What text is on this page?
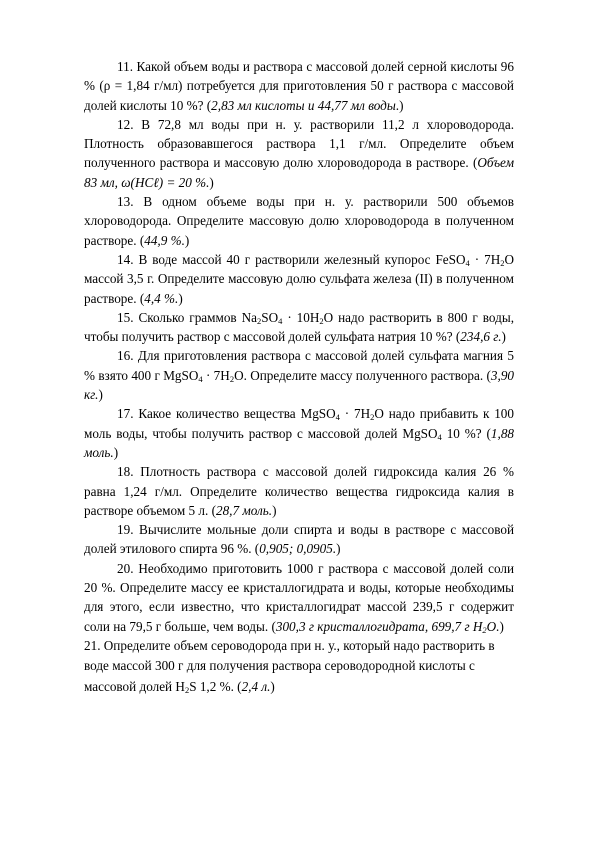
11. Какой объем воды и раствора с массовой долей серной кислоты 96 % (ρ = 1,84 г/мл) потребуется для приготовления 50 г раствора с массовой долей кислоты 10 %? (2,83 мл кислоты и 44,77 мл воды.)

12. В 72,8 мл воды при н. у. растворили 11,2 л хлороводорода. Плотность образовавшегося раствора 1,1 г/мл. Определите объем полученного раствора и массовую долю хлороводорода в растворе. (Объем 83 мл, ω(HCℓ) = 20 %.)

13. В одном объеме воды при н. у. растворили 500 объемов хлороводорода. Определите массовую долю хлороводорода в полученном растворе. (44,9 %.)

14. В воде массой 40 г растворили железный купорос FeSO$_4$ · $7H_2O$ массой 3,5 г. Определите массовую долю сульфата железа (II) в полученном растворе. (4,4 %.)

15. Сколько граммов $Na_2SO_4 \cdot 10H_2O$ надо растворить в 800 г воды, чтобы получить раствор с массовой долей сульфата натрия 10 %? (234,6 г.)

16. Для приготовления раствора с массовой долей сульфата магния 5 % взято 400 г MgSO$_4$ · $7H_2O$. Определите массу полученного раствора. (3,90 кг.)

17. Какое количество вещества MgSO$_4$ · $7H_2O$ надо прибавить к 100 моль воды, чтобы получить раствор с массовой долей MgSO$_4$ 10 %? (1,88 моль.)

18. Плотность раствора с массовой долей гидроксида калия 26 % равна 1,24 г/мл. Определите количество вещества гидроксида калия в растворе объемом 5 л. (28,7 моль.)

19. Вычислите мольные доли спирта и воды в растворе с массовой долей этилового спирта 96 %. (0,905; 0,0905.)

20. Необходимо приготовить 1000 г раствора с массовой долей соли 20 %. Определите массу ее кристаллогидрата и воды, которые необходимы для этого, если известно, что кристаллогидрат массой 239,5 г содержит соли на 79,5 г больше, чем воды. (300,3 г кристаллогидрата, 699,7 г $H_2O$.)

21. Определите объем сероводорода при н. у., который надо растворить в воде массой 300 г для получения раствора сероводородной кислоты с массовой долей $H_2S$ 1,2 %. (2,4 л.)
